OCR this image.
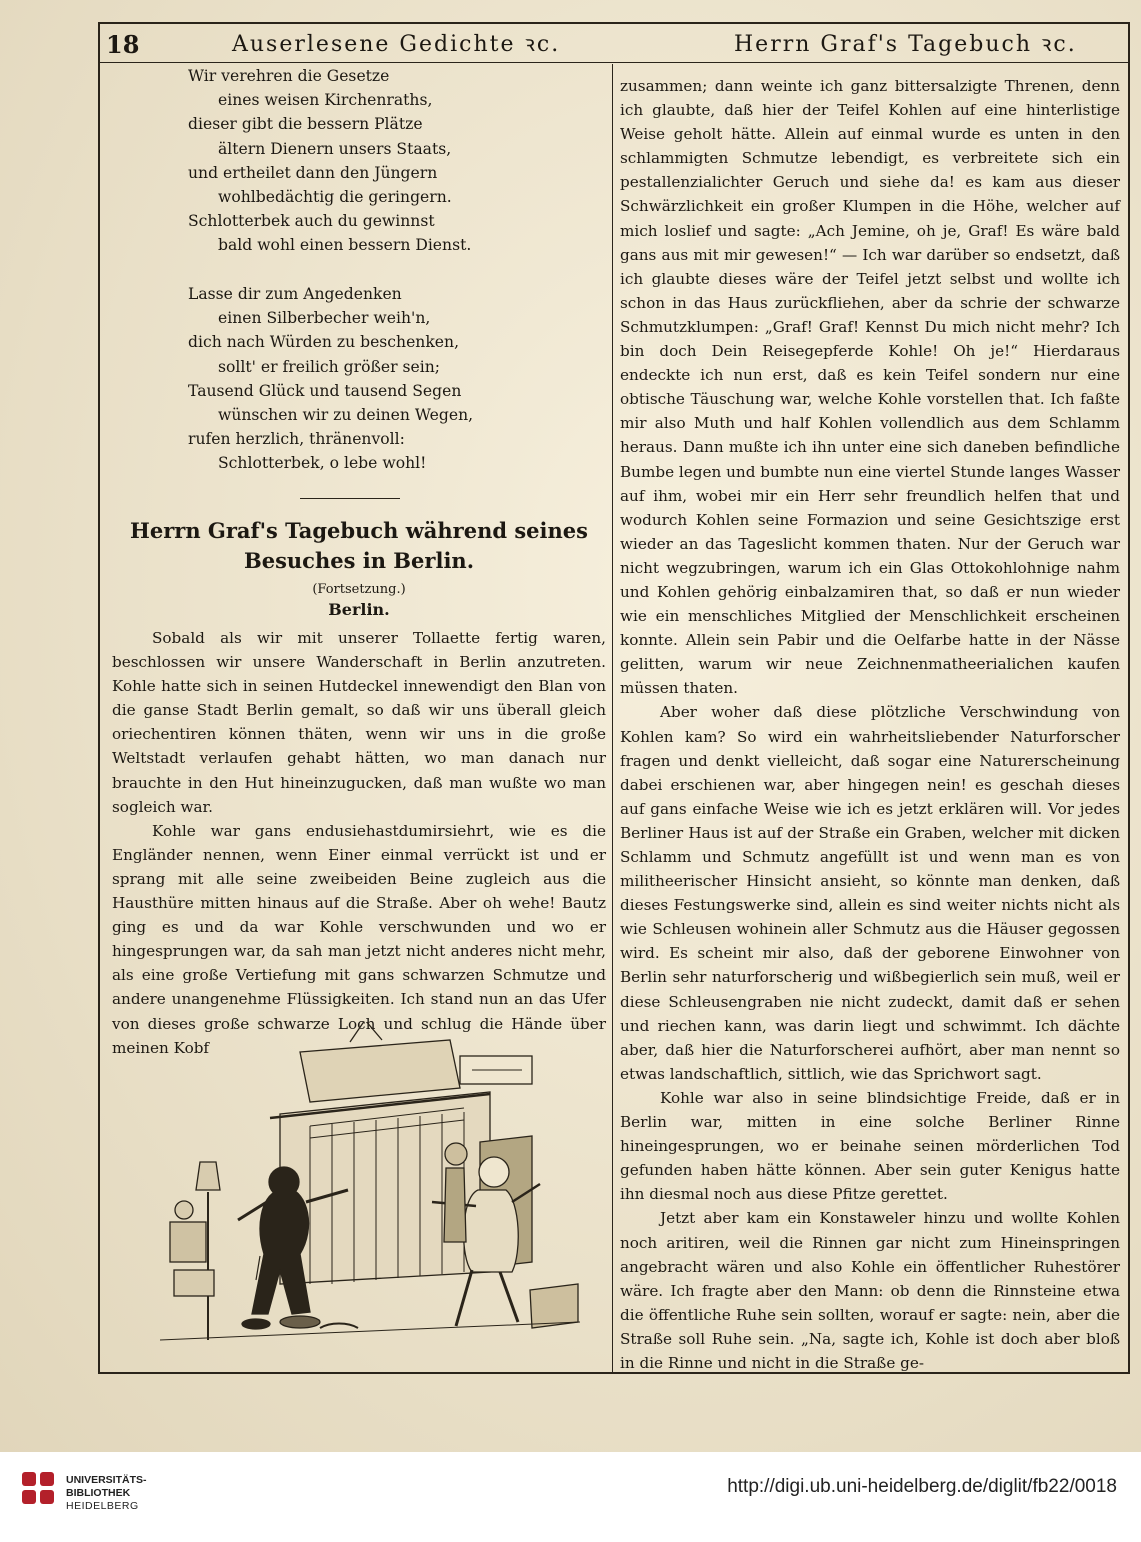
18	Auserlesene Gedichte ꝛc.	Herrn Graf's Tagebuch ꝛc.

Wir verehren die Gesetze

eines weisen Kirchenraths,

dieser gibt die bessern Plätze

ältern Dienern unsers Staats,

und ertheilet dann den Jüngern

wohlbedächtig die geringern.

Schlotterbek auch du gewinnst

bald wohl einen bessern Dienst.

Lasse dir zum Angedenken

einen Silberbecher weih'n,

dich nach Würden zu beschenken,

sollt' er freilich größer sein;

Tausend Glück und tausend Segen

wünschen wir zu deinen Wegen,

rufen herzlich, thränenvoll:

Schlotterbek, o lebe wohl!

Herrn Graf's Tagebuch während seines
Besuches in Berlin.
(Fortsetzung.)
Berlin.

Sobald als wir mit unserer Tollaette fertig waren, beschlossen wir unsere Wanderschaft in Berlin anzutreten. Kohle hatte sich in seinen Hutdeckel innewendigt den Blan von die ganse Stadt Berlin gemalt, so daß wir uns überall gleich oriechentiren können thäten, wenn wir uns in die große Weltstadt verlaufen gehabt hätten, wo man danach nur brauchte in den Hut hineinzugucken, daß man wußte wo man sogleich war.

Kohle war gans endusiehastdumirsiehrt, wie es die Engländer nennen, wenn Einer einmal verrückt ist und er sprang mit alle seine zweibeiden Beine zugleich aus die Hausthüre mitten hinaus auf die Straße. Aber oh wehe! Bautz ging es und da war Kohle verschwunden und wo er hingesprungen war, da sah man jetzt nicht anderes nicht mehr, als eine große Vertiefung mit gans schwarzen Schmutze und andere unangenehme Flüssigkeiten. Ich stand nun an das Ufer von dieses große schwarze Loch und schlug die Hände über meinen Kobf

zusammen; dann weinte ich ganz bittersalzigte Threnen, denn ich glaubte, daß hier der Teifel Kohlen auf eine hinterlistige Weise geholt hätte. Allein auf einmal wurde es unten in den schlammigten Schmutze lebendigt, es verbreitete sich ein pestallenzialichter Geruch und siehe da! es kam aus dieser Schwärzlichkeit ein großer Klumpen in die Höhe, welcher auf mich loslief und sagte: „Ach Jemine, oh je, Graf! Es wäre bald gans aus mit mir gewesen!“ — Ich war darüber so endsetzt, daß ich glaubte dieses wäre der Teifel jetzt selbst und wollte ich schon in das Haus zurückfliehen, aber da schrie der schwarze Schmutzklumpen: „Graf! Graf! Kennst Du mich nicht mehr? Ich bin doch Dein Reisegepferde Kohle! Oh je!“ Hierdaraus endeckte ich nun erst, daß es kein Teifel sondern nur eine obtische Täuschung war, welche Kohle vorstellen that. Ich faßte mir also Muth und half Kohlen vollendlich aus dem Schlamm heraus. Dann mußte ich ihn unter eine sich daneben befindliche Bumbe legen und bumbte nun eine viertel Stunde langes Wasser auf ihm, wobei mir ein Herr sehr freundlich helfen that und wodurch Kohlen seine Formazion und seine Gesichtszige erst wieder an das Tageslicht kommen thaten. Nur der Geruch war nicht wegzubringen, warum ich ein Glas Ottokohlohnige nahm und Kohlen gehörig einbalzamiren that, so daß er nun wieder wie ein menschliches Mitglied der Menschlichkeit erscheinen konnte. Allein sein Pabir und die Oelfarbe hatte in der Nässe gelitten, warum wir neue Zeichnenmatheerialichen kaufen müssen thaten.

Aber woher daß diese plötzliche Verschwindung von Kohlen kam? So wird ein wahrheitsliebender Naturforscher fragen und denkt vielleicht, daß sogar eine Naturerscheinung dabei erschienen war, aber hingegen nein! es geschah dieses auf gans einfache Weise wie ich es jetzt erklären will. Vor jedes Berliner Haus ist auf der Straße ein Graben, welcher mit dicken Schlamm und Schmutz angefüllt ist und wenn man es von militheerischer Hinsicht ansieht, so könnte man denken, daß dieses Festungswerke sind, allein es sind weiter nichts nicht als wie Schleusen wohinein aller Schmutz aus die Häuser gegossen wird. Es scheint mir also, daß der geborene Einwohner von Berlin sehr naturforscherig und wißbegierlich sein muß, weil er diese Schleusengraben nie nicht zudeckt, damit daß er sehen und riechen kann, was darin liegt und schwimmt. Ich dächte aber, daß hier die Naturforscherei aufhört, aber man nennt so etwas landschaftlich, sittlich, wie das Sprichwort sagt.

Kohle war also in seine blindsichtige Freide, daß er in Berlin war, mitten in eine solche Berliner Rinne hineingesprungen, wo er beinahe seinen mörderlichen Tod gefunden haben hätte können. Aber sein guter Kenigus hatte ihn diesmal noch aus diese Pfitze gerettet.

Jetzt aber kam ein Konstaweler hinzu und wollte Kohlen noch aritiren, weil die Rinnen gar nicht zum Hineinspringen angebracht wären und also Kohle ein öffentlicher Ruhestörer wäre. Ich fragte aber den Mann: ob denn die Rinnsteine etwa die öffentliche Ruhe sein sollten, worauf er sagte: nein, aber die Straße soll Ruhe sein. „Na, sagte ich, Kohle ist doch aber bloß in die Rinne und nicht in die Straße ge-

UNIVERSITÄTS-
BIBLIOTHEK
HEIDELBERG
http://digi.ub.uni-heidelberg.de/diglit/fb22/0018
